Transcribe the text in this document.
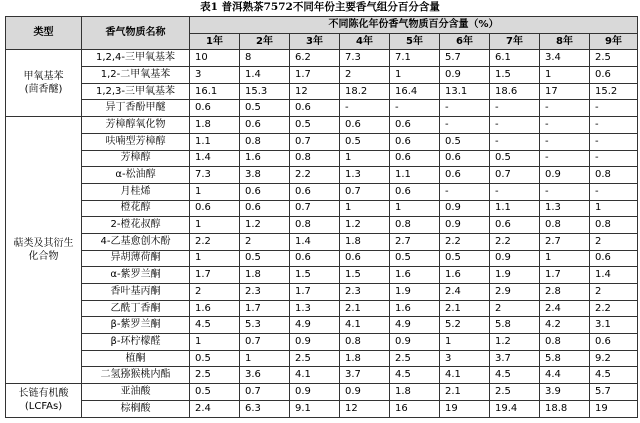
表1 普洱熟茶7572不同年份主要香气组分百分含量
类型	香气物质名称	不同陈化年份香气物质百分含量（%）								
		1年	2年	3年	4年	5年	6年	7年	8年	9年

甲氧基苯
(茴香醚)	1,2,4-三甲氧基苯	10	8	6.2	7.3	7.1	5.7	6.1	3.4	2.5
	1,2-二甲氧基苯	3	1.4	1.7	2	1	0.9	1.5	1	0.6
	1,2,3-三甲氧基苯	16.1	15.3	12	18.2	16.4	13.1	18.6	17	15.2
	异丁香酚甲醚	0.6	0.5	0.6	-	-	-	-	-	-

萜类及其衍生
化合物	芳樟醇氧化物	1.8	0.6	0.5	0.6	0.6	-	-	-	-
	呋喃型芳樟醇	1.1	0.8	0.7	0.5	0.6	0.5	-	-	-
	芳樟醇	1.4	1.6	0.8	1	0.6	0.6	0.5	-	-
	α-松油醇	7.3	3.8	2.2	1.3	1.1	0.6	0.7	0.9	0.8
	月桂烯	1	0.6	0.6	0.7	0.6	-	-	-	-
	橙花醇	0.6	0.6	0.7	1	1	0.9	1.1	1.3	1
	2-橙花叔醇	1	1.2	0.8	1.2	0.8	0.9	0.6	0.8	0.8
	4-乙基愈创木酚	2.2	2	1.4	1.8	2.7	2.2	2.2	2.7	2
	异胡薄荷酮	1	0.5	0.6	0.6	0.5	0.5	0.9	1	0.6
	α-紫罗兰酮	1.7	1.8	1.5	1.5	1.6	1.6	1.9	1.7	1.4
	香叶基丙酮	2	2.3	1.7	2.3	1.9	2.4	2.9	2.8	2
	乙酰丁香酮	1.6	1.7	1.3	2.1	1.6	2.1	2	2.4	2.2
	β-紫罗兰酮	4.5	5.3	4.9	4.1	4.9	5.2	5.8	4.2	3.1
	β-环柠檬醛	1	0.7	0.9	0.8	0.9	1	1.2	0.8	0.6
	植酮	0.5	1	2.5	1.8	2.5	3	3.7	5.8	9.2
	二氢猕猴桃内酯	2.5	3.6	4.1	3.7	4.5	4.1	4.5	4.4	4.5

长链有机酸
(LCFAs)	亚油酸	0.5	0.7	0.9	0.9	1.8	2.1	2.5	3.9	5.7
	棕榈酸	2.4	6.3	9.1	12	16	19	19.4	18.8	19
